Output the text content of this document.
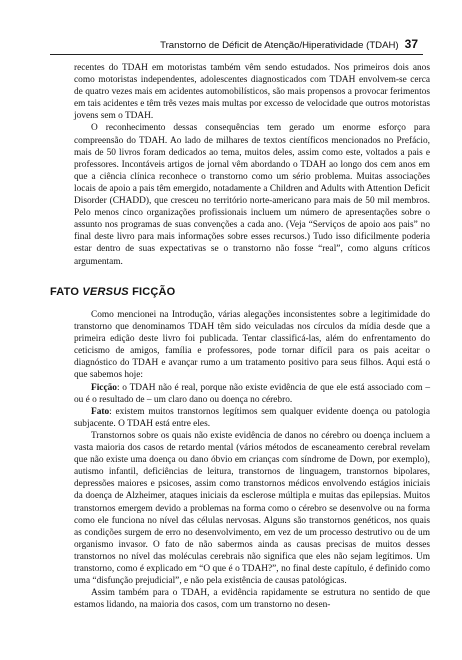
Transtorno de Déficit de Atenção/Hiperatividade (TDAH) 37

recentes do TDAH em motoristas também vêm sendo estudados. Nos primeiros dois anos como motoristas independentes, adolescentes diagnosticados com TDAH envolvem-se cerca de quatro vezes mais em acidentes automobilísticos, são mais propensos a provocar ferimentos em tais acidentes e têm três vezes mais multas por excesso de velocidade que outros motoristas jovens sem o TDAH.

O reconhecimento dessas consequências tem gerado um enorme esforço para compreensão do TDAH. Ao lado de milhares de textos científicos mencionados no Prefácio, mais de 50 livros foram dedicados ao tema, muitos deles, assim como este, voltados a pais e professores. Incontáveis artigos de jornal vêm abordando o TDAH ao longo dos cem anos em que a ciência clínica reconhece o transtorno como um sério problema. Muitas associações locais de apoio a pais têm emergido, notadamente a Children and Adults with Attention Deficit Disorder (CHADD), que cresceu no território norte-americano para mais de 50 mil membros. Pelo menos cinco organizações profissionais incluem um número de apresentações sobre o assunto nos programas de suas convenções a cada ano. (Veja “Serviços de apoio aos pais” no final deste livro para mais informações sobre esses recursos.) Tudo isso dificilmente poderia estar dentro de suas expectativas se o transtorno não fosse “real”, como alguns críticos argumentam.

FATO VERSUS FICÇÃO

Como mencionei na Introdução, várias alegações inconsistentes sobre a legitimidade do transtorno que denominamos TDAH têm sido veiculadas nos círculos da mídia desde que a primeira edição deste livro foi publicada. Tentar classificá-las, além do enfrentamento do ceticismo de amigos, família e professores, pode tornar difícil para os pais aceitar o diagnóstico do TDAH e avançar rumo a um tratamento positivo para seus filhos. Aqui está o que sabemos hoje:

Ficção: o TDAH não é real, porque não existe evidência de que ele está associado com – ou é o resultado de – um claro dano ou doença no cérebro.

Fato: existem muitos transtornos legítimos sem qualquer evidente doença ou patologia subjacente. O TDAH está entre eles.

Transtornos sobre os quais não existe evidência de danos no cérebro ou doença incluem a vasta maioria dos casos de retardo mental (vários métodos de escaneamento cerebral revelam que não existe uma doença ou dano óbvio em crianças com síndrome de Down, por exemplo), autismo infantil, deficiências de leitura, transtornos de linguagem, transtornos bipolares, depressões maiores e psicoses, assim como transtornos médicos envolvendo estágios iniciais da doença de Alzheimer, ataques iniciais da esclerose múltipla e muitas das epilepsias. Muitos transtornos emergem devido a problemas na forma como o cérebro se desenvolve ou na forma como ele funciona no nível das células nervosas. Alguns são transtornos genéticos, nos quais as condições surgem de erro no desenvolvimento, em vez de um processo destrutivo ou de um organismo invasor. O fato de não sabermos ainda as causas precisas de muitos desses transtornos no nível das moléculas cerebrais não significa que eles não sejam legítimos. Um transtorno, como é explicado em “O que é o TDAH?”, no final deste capítulo, é definido como uma “disfunção prejudicial”, e não pela existência de causas patológicas.

Assim também para o TDAH, a evidência rapidamente se estrutura no sentido de que estamos lidando, na maioria dos casos, com um transtorno no desen-
